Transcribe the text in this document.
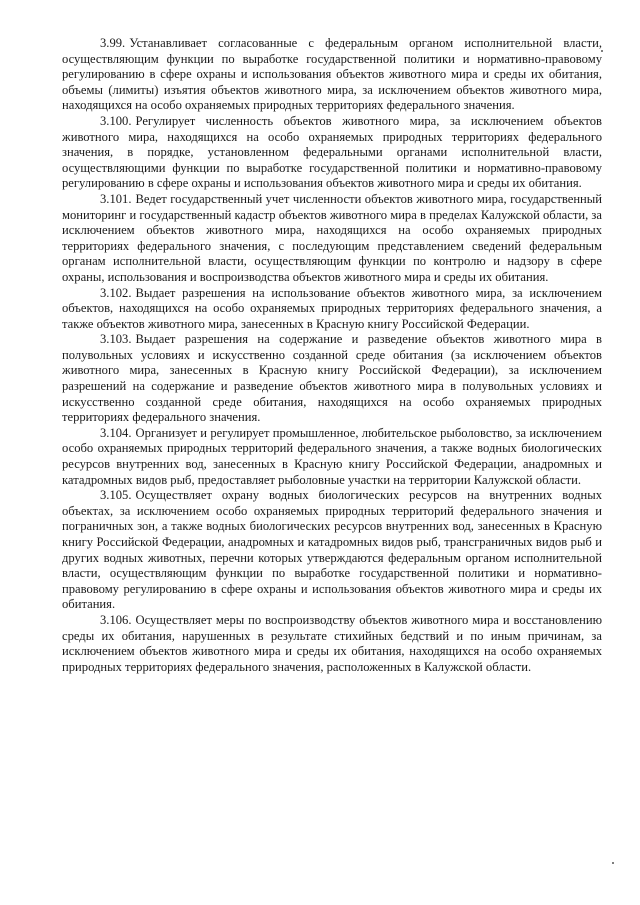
3.99. Устанавливает согласованные с федеральным органом исполнительной власти, осуществляющим функции по выработке государственной политики и нормативно-правовому регулированию в сфере охраны и использования объектов животного мира и среды их обитания, объемы (лимиты) изъятия объектов животного мира, за исключением объектов животного мира, находящихся на особо охраняемых природных территориях федерального значения.

3.100. Регулирует численность объектов животного мира, за исключением объектов животного мира, находящихся на особо охраняемых природных территориях федерального значения, в порядке, установленном федеральными органами исполнительной власти, осуществляющими функции по выработке государственной политики и нормативно-правовому регулированию в сфере охраны и использования объектов животного мира и среды их обитания.

3.101. Ведет государственный учет численности объектов животного мира, государственный мониторинг и государственный кадастр объектов животного мира в пределах Калужской области, за исключением объектов животного мира, находящихся на особо охраняемых природных территориях федерального значения, с последующим представлением сведений федеральным органам исполнительной власти, осуществляющим функции по контролю и надзору в сфере охраны, использования и воспроизводства объектов животного мира и среды их обитания.

3.102. Выдает разрешения на использование объектов животного мира, за исключением объектов, находящихся на особо охраняемых природных территориях федерального значения, а также объектов животного мира, занесенных в Красную книгу Российской Федерации.

3.103. Выдает разрешения на содержание и разведение объектов животного мира в полувольных условиях и искусственно созданной среде обитания (за исключением объектов животного мира, занесенных в Красную книгу Российской Федерации), за исключением разрешений на содержание и разведение объектов животного мира в полувольных условиях и искусственно созданной среде обитания, находящихся на особо охраняемых природных территориях федерального значения.

3.104. Организует и регулирует промышленное, любительское рыболовство, за исключением особо охраняемых природных территорий федерального значения, а также водных биологических ресурсов внутренних вод, занесенных в Красную книгу Российской Федерации, анадромных и катадромных видов рыб, предоставляет рыболовные участки на территории Калужской области.

3.105. Осуществляет охрану водных биологических ресурсов на внутренних водных объектах, за исключением особо охраняемых природных территорий федерального значения и пограничных зон, а также водных биологических ресурсов внутренних вод, занесенных в Красную книгу Российской Федерации, анадромных и катадромных видов рыб, трансграничных видов рыб и других водных животных, перечни которых утверждаются федеральным органом исполнительной власти, осуществляющим функции по выработке государственной политики и нормативно-правовому регулированию в сфере охраны и использования объектов животного мира и среды их обитания.

3.106. Осуществляет меры по воспроизводству объектов животного мира и восстановлению среды их обитания, нарушенных в результате стихийных бедствий и по иным причинам, за исключением объектов животного мира и среды их обитания, находящихся на особо охраняемых природных территориях федерального значения, расположенных в Калужской области.
